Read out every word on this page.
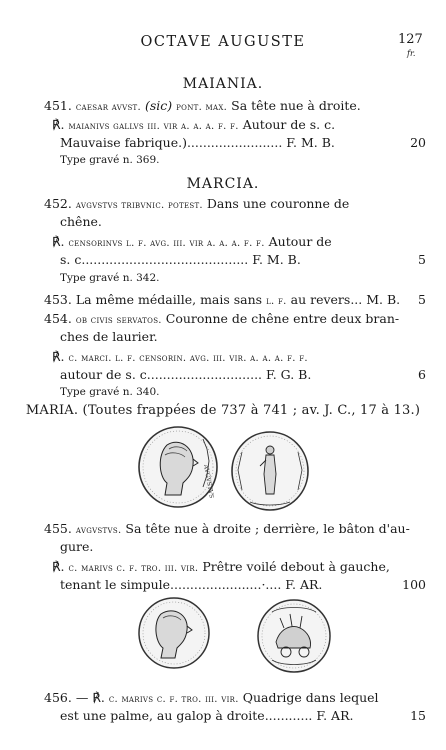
OCTAVE AUGUSTE	127
fr.
MAIANIA.
451. caesar avvst. (sic) pont. max. Sa tête nue à droite.
℟. maianivs gallvs iii. vir a. a. a. f. f. Autour de s. c.
Mauvaise fabrique.)........................ F. M. B.	20
Type gravé n. 369.
MARCIA.
452. avgvstvs tribvnic. potest. Dans une couronne de
chêne.
℟. censorinvs l. f. avg. iii. vir a. a. a. f. f. Autour de
s. c.......................................... F. M. B.	5
Type gravé n. 342.
453. La même médaille, mais sans l. f. au revers... M. B.	5
454. ob civis servatos. Couronne de chêne entre deux bran-
ches de laurier.
℟. c. marci. l. f. censorin. avg. iii. vir. a. a. a. f. f.
autour de s. c............................. F. G. B.	6
Type gravé n. 340.
MARIA. (Toutes frappées de 737 à 741 ; av. J. C., 17 à 13.)
AVGVSTVS
455. avgvstvs. Sa tête nue à droite ; derrière, le bâton d'au-
gure.
℟. c. marivs c. f. tro. iii. vir. Prêtre voilé debout à gauche,
tenant le simpule.......................·.... F. AR.	100
456. — ℟. c. marivs c. f. tro. iii. vir. Quadrige dans lequel
est une palme, au galop à droite............ F. AR.	15
